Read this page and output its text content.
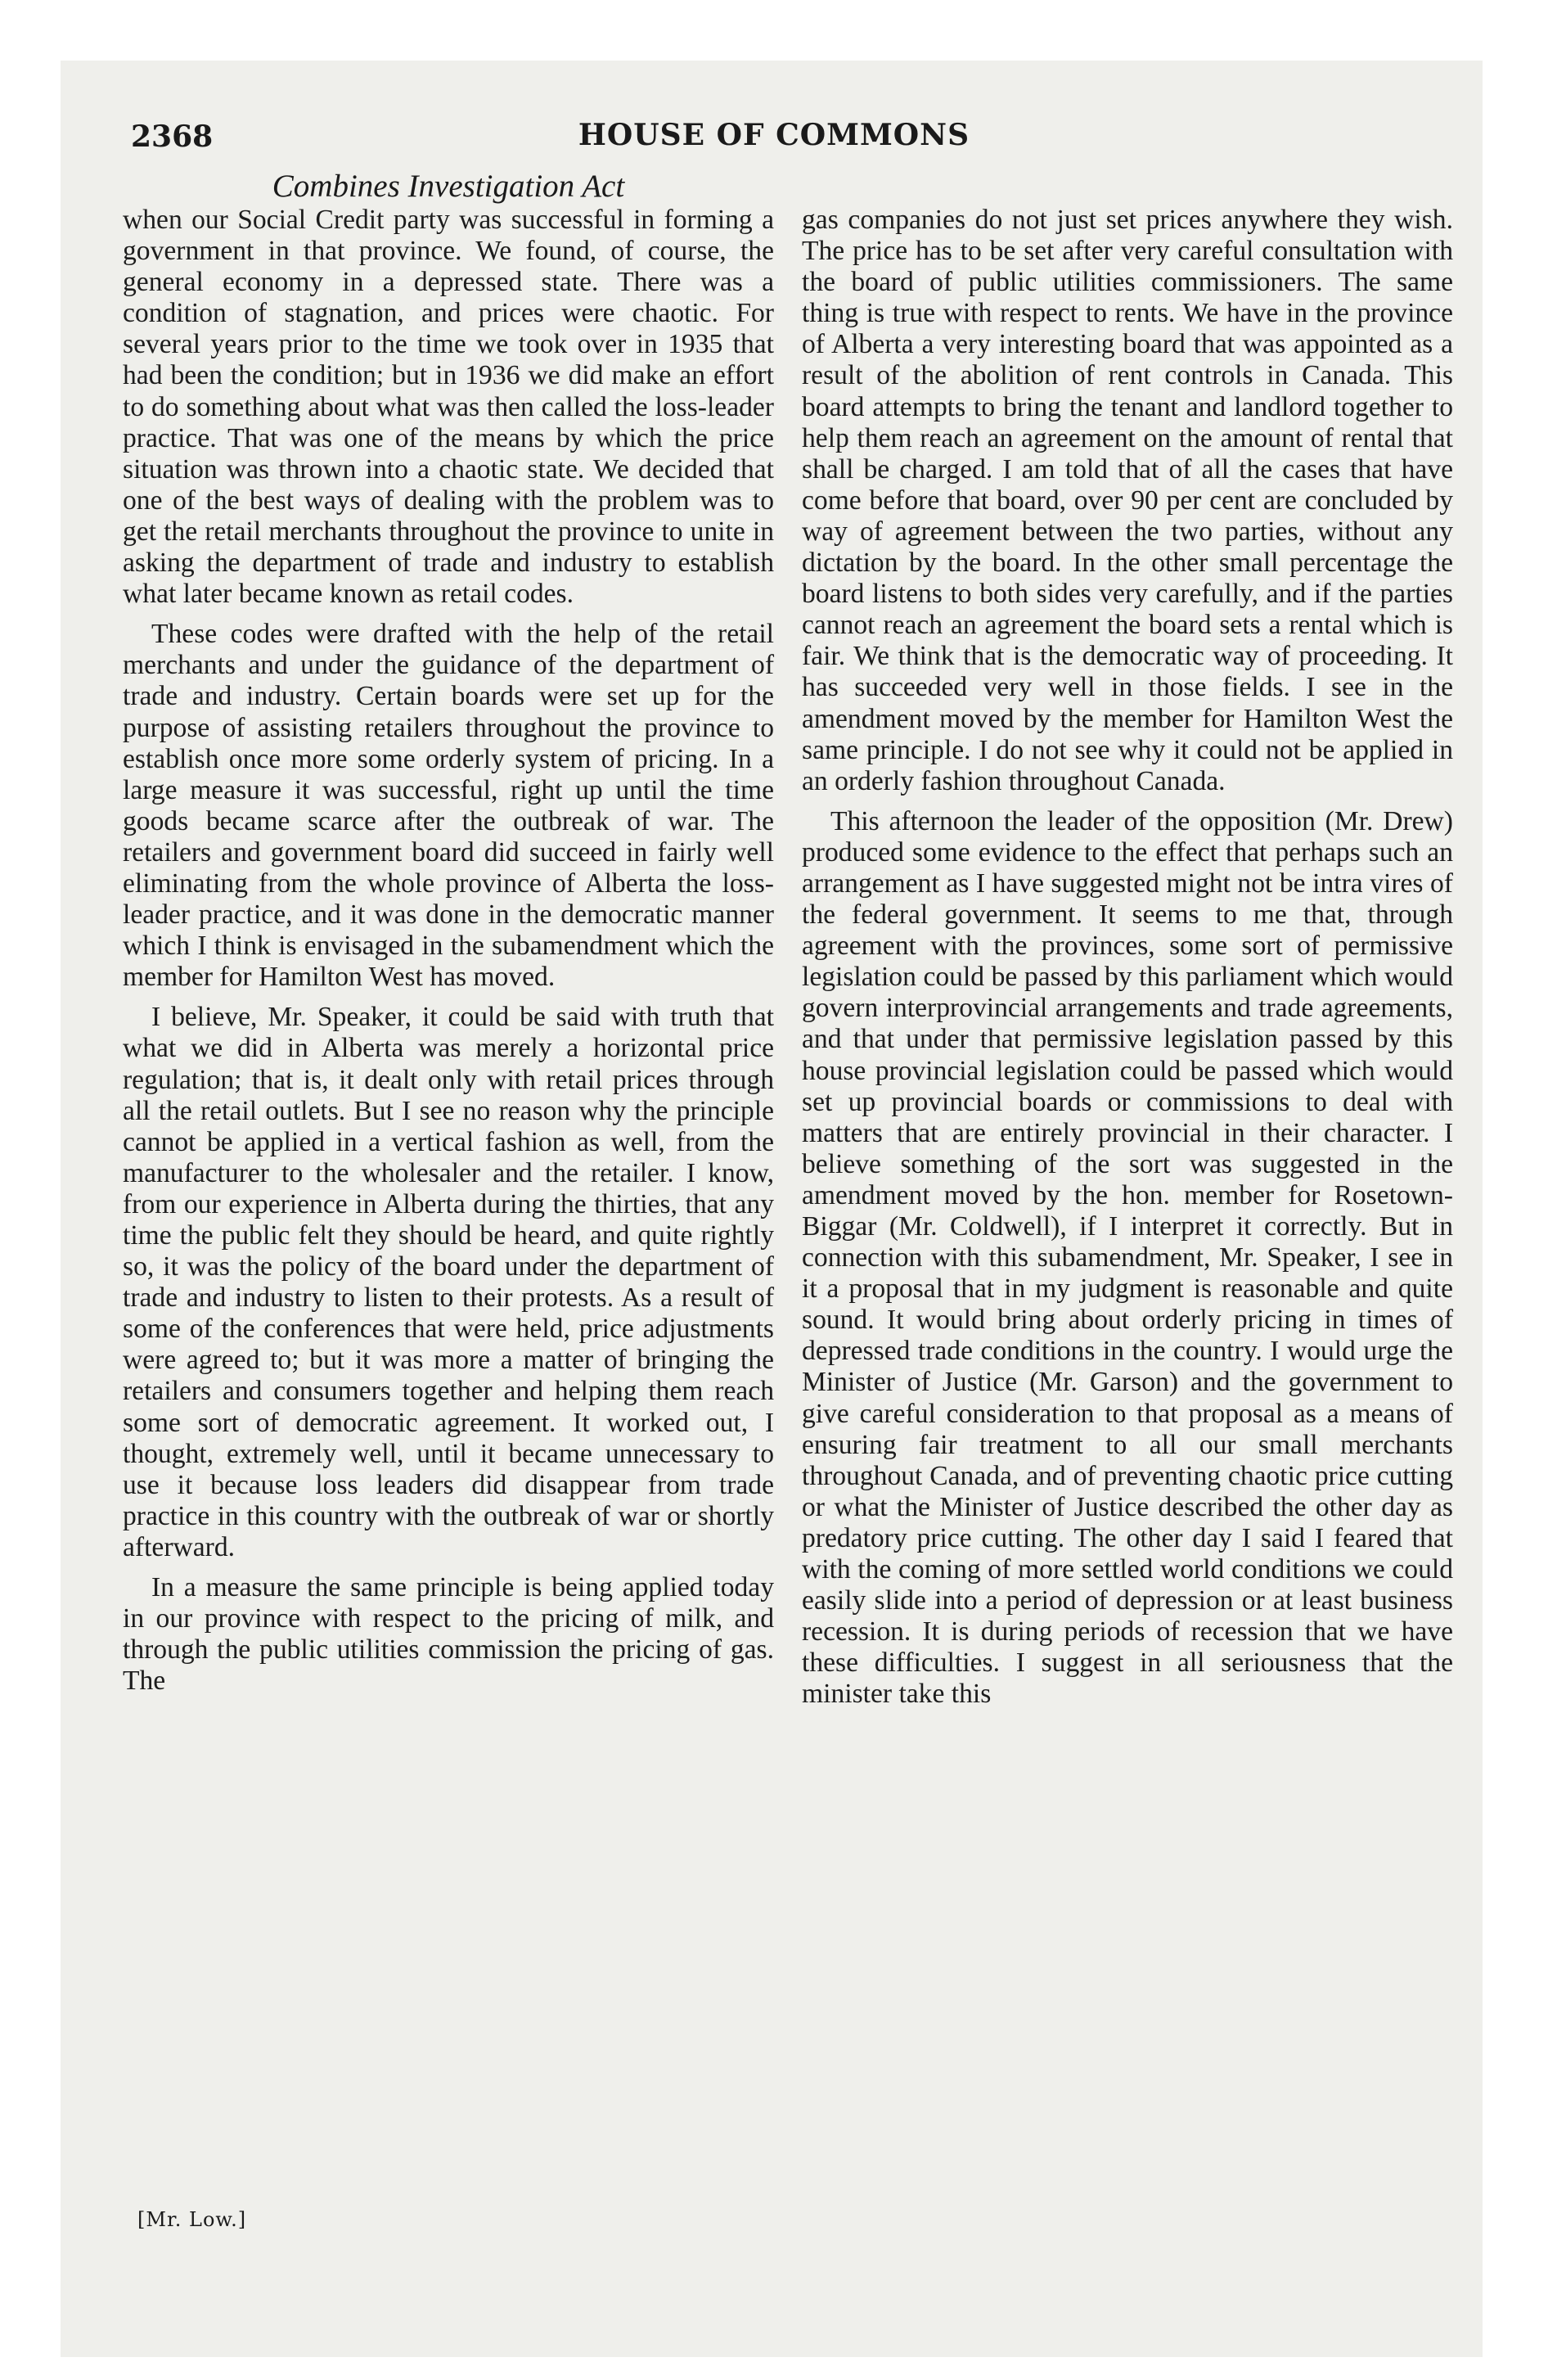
2368	HOUSE OF COMMONS
Combines Investigation Act

when our Social Credit party was successful in forming a government in that province. We found, of course, the general economy in a depressed state. There was a condition of stagnation, and prices were chaotic. For several years prior to the time we took over in 1935 that had been the condition; but in 1936 we did make an effort to do something about what was then called the loss-leader practice. That was one of the means by which the price situation was thrown into a chaotic state. We decided that one of the best ways of dealing with the problem was to get the retail merchants throughout the province to unite in asking the department of trade and industry to establish what later became known as retail codes.

These codes were drafted with the help of the retail merchants and under the guidance of the department of trade and industry. Certain boards were set up for the purpose of assisting retailers throughout the province to establish once more some orderly system of pricing. In a large measure it was successful, right up until the time goods became scarce after the outbreak of war. The retailers and government board did succeed in fairly well eliminating from the whole province of Alberta the loss-leader practice, and it was done in the democratic manner which I think is envisaged in the subamendment which the member for Hamilton West has moved.

I believe, Mr. Speaker, it could be said with truth that what we did in Alberta was merely a horizontal price regulation; that is, it dealt only with retail prices through all the retail outlets. But I see no reason why the principle cannot be applied in a vertical fashion as well, from the manufacturer to the wholesaler and the retailer. I know, from our experience in Alberta during the thirties, that any time the public felt they should be heard, and quite rightly so, it was the policy of the board under the department of trade and industry to listen to their protests. As a result of some of the conferences that were held, price adjustments were agreed to; but it was more a matter of bringing the retailers and consumers together and helping them reach some sort of democratic agreement. It worked out, I thought, extremely well, until it became unnecessary to use it because loss leaders did disappear from trade practice in this country with the outbreak of war or shortly afterward.

In a measure the same principle is being applied today in our province with respect to the pricing of milk, and through the public utilities commission the pricing of gas. The

gas companies do not just set prices anywhere they wish. The price has to be set after very careful consultation with the board of public utilities commissioners. The same thing is true with respect to rents. We have in the province of Alberta a very interesting board that was appointed as a result of the abolition of rent controls in Canada. This board attempts to bring the tenant and landlord together to help them reach an agreement on the amount of rental that shall be charged. I am told that of all the cases that have come before that board, over 90 per cent are concluded by way of agreement between the two parties, without any dictation by the board. In the other small percentage the board listens to both sides very carefully, and if the parties cannot reach an agreement the board sets a rental which is fair. We think that is the democratic way of proceeding. It has succeeded very well in those fields. I see in the amendment moved by the member for Hamilton West the same principle. I do not see why it could not be applied in an orderly fashion throughout Canada.

This afternoon the leader of the opposition (Mr. Drew) produced some evidence to the effect that perhaps such an arrangement as I have suggested might not be intra vires of the federal government. It seems to me that, through agreement with the provinces, some sort of permissive legislation could be passed by this parliament which would govern interprovincial arrangements and trade agreements, and that under that permissive legislation passed by this house provincial legislation could be passed which would set up provincial boards or commissions to deal with matters that are entirely provincial in their character. I believe something of the sort was suggested in the amendment moved by the hon. member for Rosetown-Biggar (Mr. Coldwell), if I interpret it correctly. But in connection with this subamendment, Mr. Speaker, I see in it a proposal that in my judgment is reasonable and quite sound. It would bring about orderly pricing in times of depressed trade conditions in the country. I would urge the Minister of Justice (Mr. Garson) and the government to give careful consideration to that proposal as a means of ensuring fair treatment to all our small merchants throughout Canada, and of preventing chaotic price cutting or what the Minister of Justice described the other day as predatory price cutting. The other day I said I feared that with the coming of more settled world conditions we could easily slide into a period of depression or at least business recession. It is during periods of recession that we have these difficulties. I suggest in all seriousness that the minister take this

[Mr. Low.]
